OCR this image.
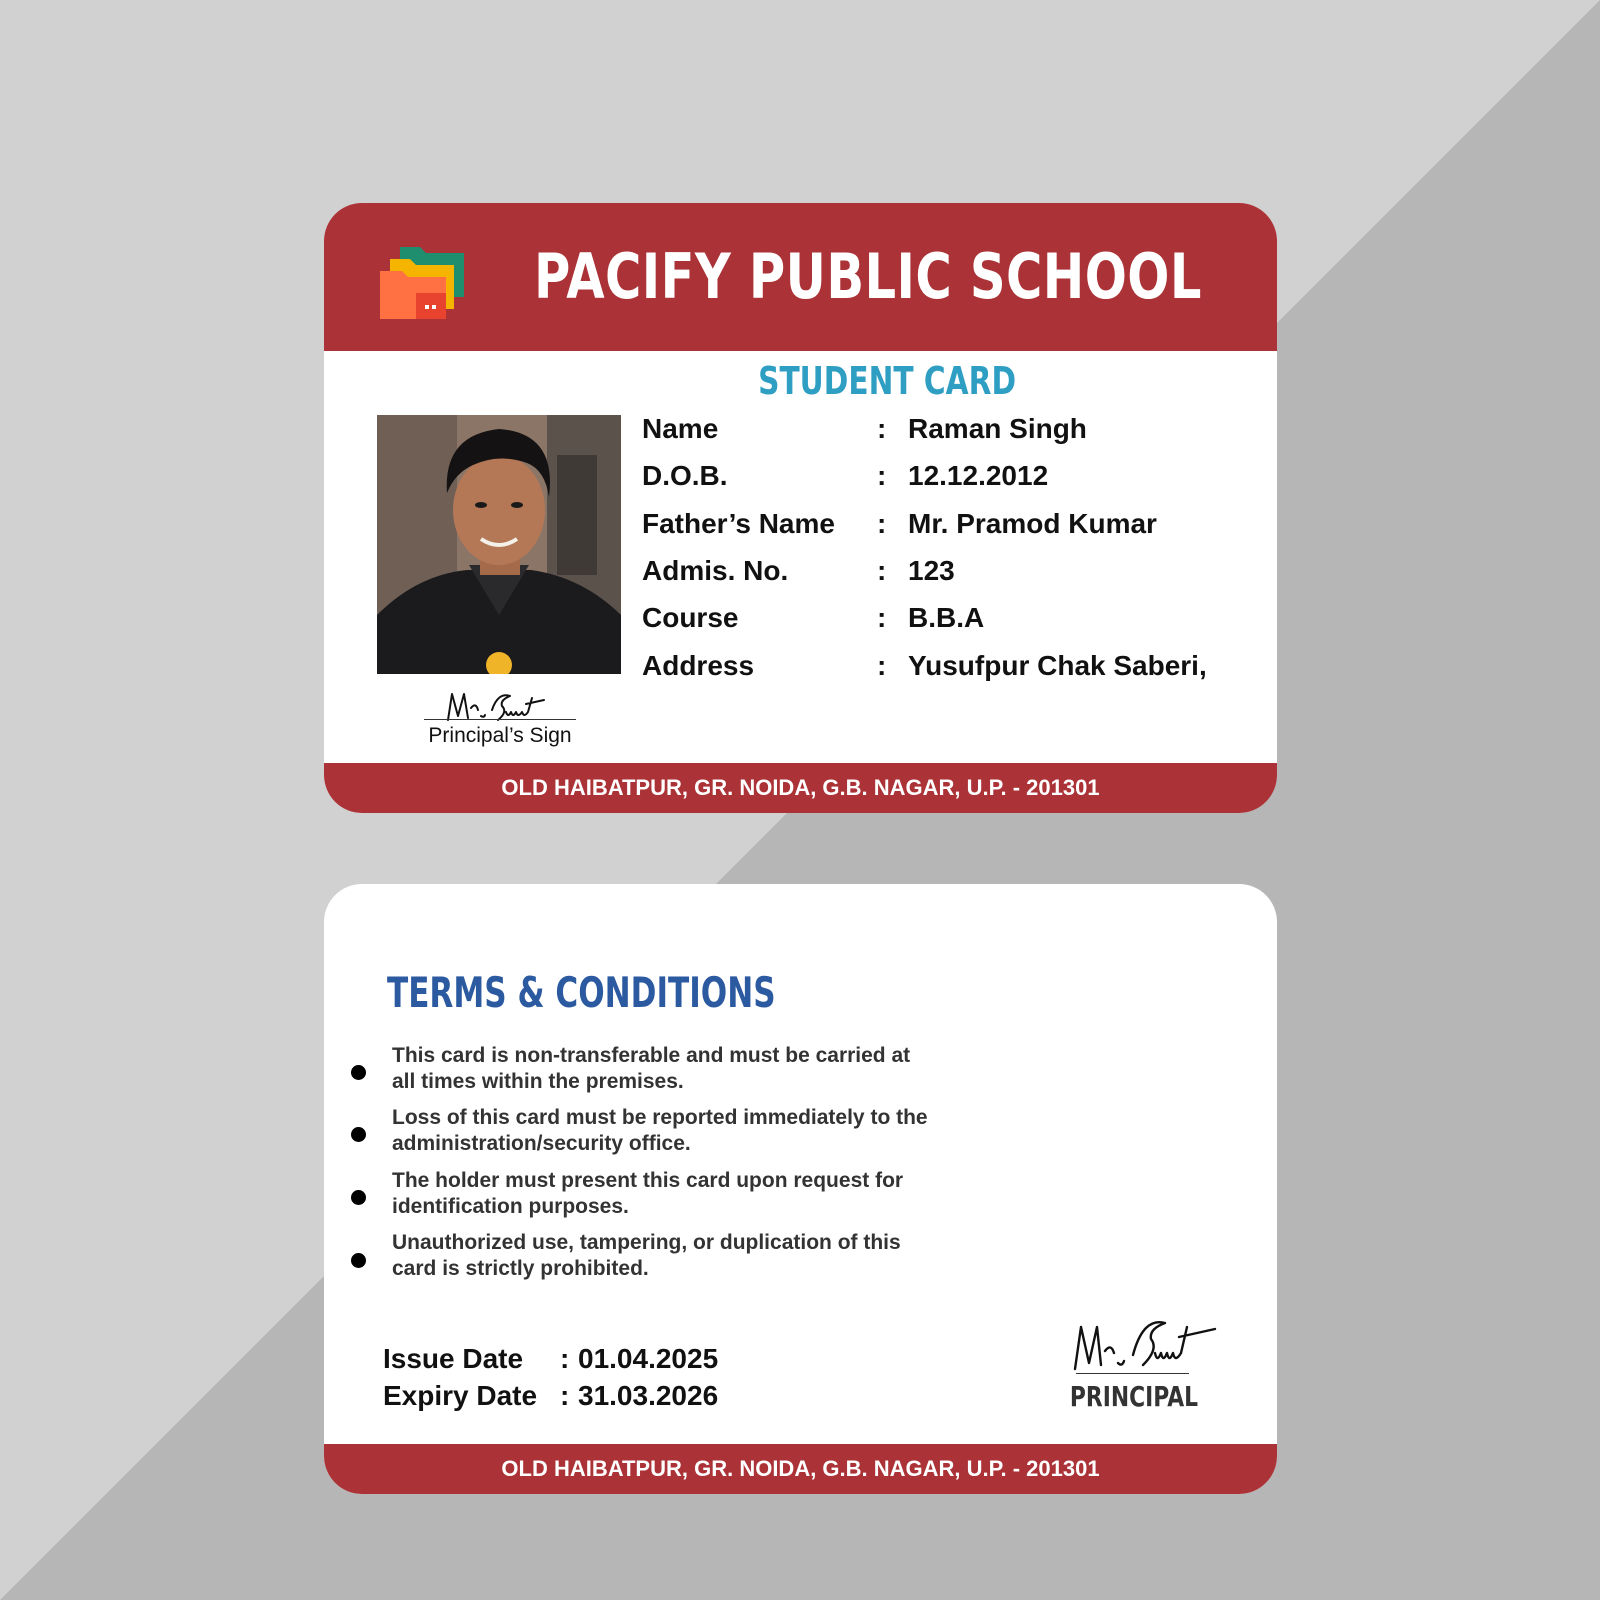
PACIFY PUBLIC SCHOOL
STUDENT CARD
Name	: Raman Singh
D.O.B.	: 12.12.2012
Father’s Name : Mr. Pramod Kumar
Admis. No.	: 123
Course	: B.B.A
Address	: Yusufpur Chak Saberi,
Principal’s Sign
OLD HAIBATPUR, GR. NOIDA, G.B. NAGAR, U.P. - 201301
TERMS & CONDITIONS
This card is non-transferable and must be carried at
all times within the premises.
Loss of this card must be reported immediately to the
administration/security office.
The holder must present this card upon request for
identification purposes.
Unauthorized use, tampering, or duplication of this
card is strictly prohibited.
Issue Date : 01.04.2025
Expiry Date : 31.03.2026	PRINCIPAL
OLD HAIBATPUR, GR. NOIDA, G.B. NAGAR, U.P. - 201301
